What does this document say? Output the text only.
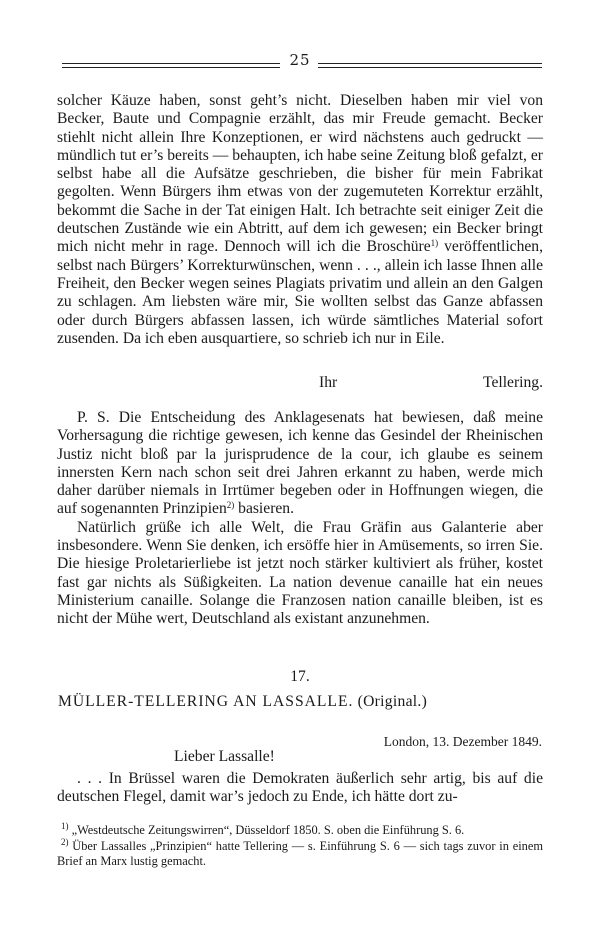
25

solcher Käuze haben, sonst geht’s nicht. Dieselben haben mir viel von Becker, Baute und Compagnie erzählt, das mir Freude gemacht. Becker stiehlt nicht allein Ihre Konzeptionen, er wird nächstens auch gedruckt — mündlich tut er’s bereits — behaupten, ich habe seine Zeitung bloß gefalzt, er selbst habe all die Aufsätze geschrieben, die bisher für mein Fabrikat gegolten. Wenn Bürgers ihm etwas von der zugemuteten Korrektur erzählt, bekommt die Sache in der Tat einigen Halt. Ich betrachte seit einiger Zeit die deutschen Zustände wie ein Abtritt, auf dem ich gewesen; ein Becker bringt mich nicht mehr in rage. Dennoch will ich die Broschüre$^{1)}$ veröffentlichen, selbst nach Bürgers’ Korrekturwünschen, wenn . . ., allein ich lasse Ihnen alle Freiheit, den Becker wegen seines Plagiats privatim und allein an den Galgen zu schlagen. Am liebsten wäre mir, Sie wollten selbst das Ganze abfassen oder durch Bürgers abfassen lassen, ich würde sämtliches Material sofort zusenden. Da ich eben ausquartiere, so schrieb ich nur in Eile.

Ihr	Tellering.

P. S. Die Entscheidung des Anklagesenats hat bewiesen, daß meine Vorhersagung die richtige gewesen, ich kenne das Gesindel der Rheinischen Justiz nicht bloß par la jurisprudence de la cour, ich glaube es seinem innersten Kern nach schon seit drei Jahren erkannt zu haben, werde mich daher darüber niemals in Irrtümer begeben oder in Hoffnungen wiegen, die auf sogenannten Prinzipien$^{2)}$ basieren.

Natürlich grüße ich alle Welt, die Frau Gräfin aus Galanterie aber insbesondere. Wenn Sie denken, ich ersöffe hier in Amüsements, so irren Sie. Die hiesige Proletarierliebe ist jetzt noch stärker kultiviert als früher, kostet fast gar nichts als Süßigkeiten. La nation devenue canaille hat ein neues Ministerium canaille. Solange die Franzosen nation canaille bleiben, ist es nicht der Mühe wert, Deutschland als existant anzunehmen.

17.
MÜLLER-TELLERING AN LASSALLE. (Original.)
London, 13. Dezember 1849.
Lieber Lassalle!

. . . In Brüssel waren die Demokraten äußerlich sehr artig, bis auf die deutschen Flegel, damit war’s jedoch zu Ende, ich hätte dort zu-

$^{1)}$ „Westdeutsche Zeitungswirren“, Düsseldorf 1850. S. oben die Einführung S. 6.

$^{2)}$ Über Lassalles „Prinzipien“ hatte Tellering — s. Einführung S. 6 — sich tags zuvor in einem Brief an Marx lustig gemacht.
